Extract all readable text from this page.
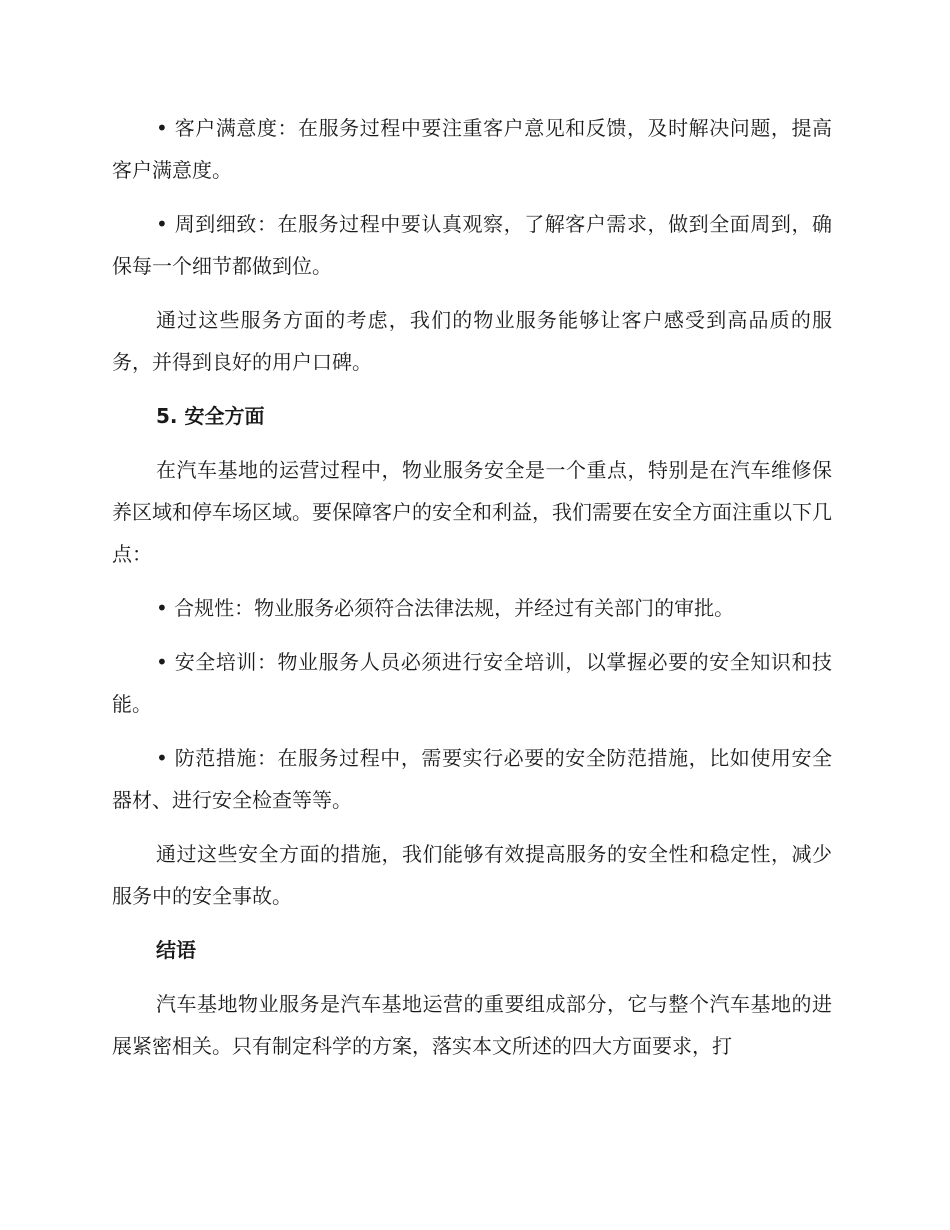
• 客户满意度：在服务过程中要注重客户意见和反馈，及时解决问题，提高客户满意度。

• 周到细致：在服务过程中要认真观察，了解客户需求，做到全面周到，确保每一个细节都做到位。

通过这些服务方面的考虑，我们的物业服务能够让客户感受到高品质的服务，并得到良好的用户口碑。

5. 安全方面

在汽车基地的运营过程中，物业服务安全是一个重点，特别是在汽车维修保养区域和停车场区域。要保障客户的安全和利益，我们需要在安全方面注重以下几点：

• 合规性：物业服务必须符合法律法规，并经过有关部门的审批。

• 安全培训：物业服务人员必须进行安全培训，以掌握必要的安全知识和技能。

• 防范措施：在服务过程中，需要实行必要的安全防范措施，比如使用安全器材、进行安全检查等等。

通过这些安全方面的措施，我们能够有效提高服务的安全性和稳定性，减少服务中的安全事故。

结语

汽车基地物业服务是汽车基地运营的重要组成部分，它与整个汽车基地的进展紧密相关。只有制定科学的方案，落实本文所述的四大方面要求，打
